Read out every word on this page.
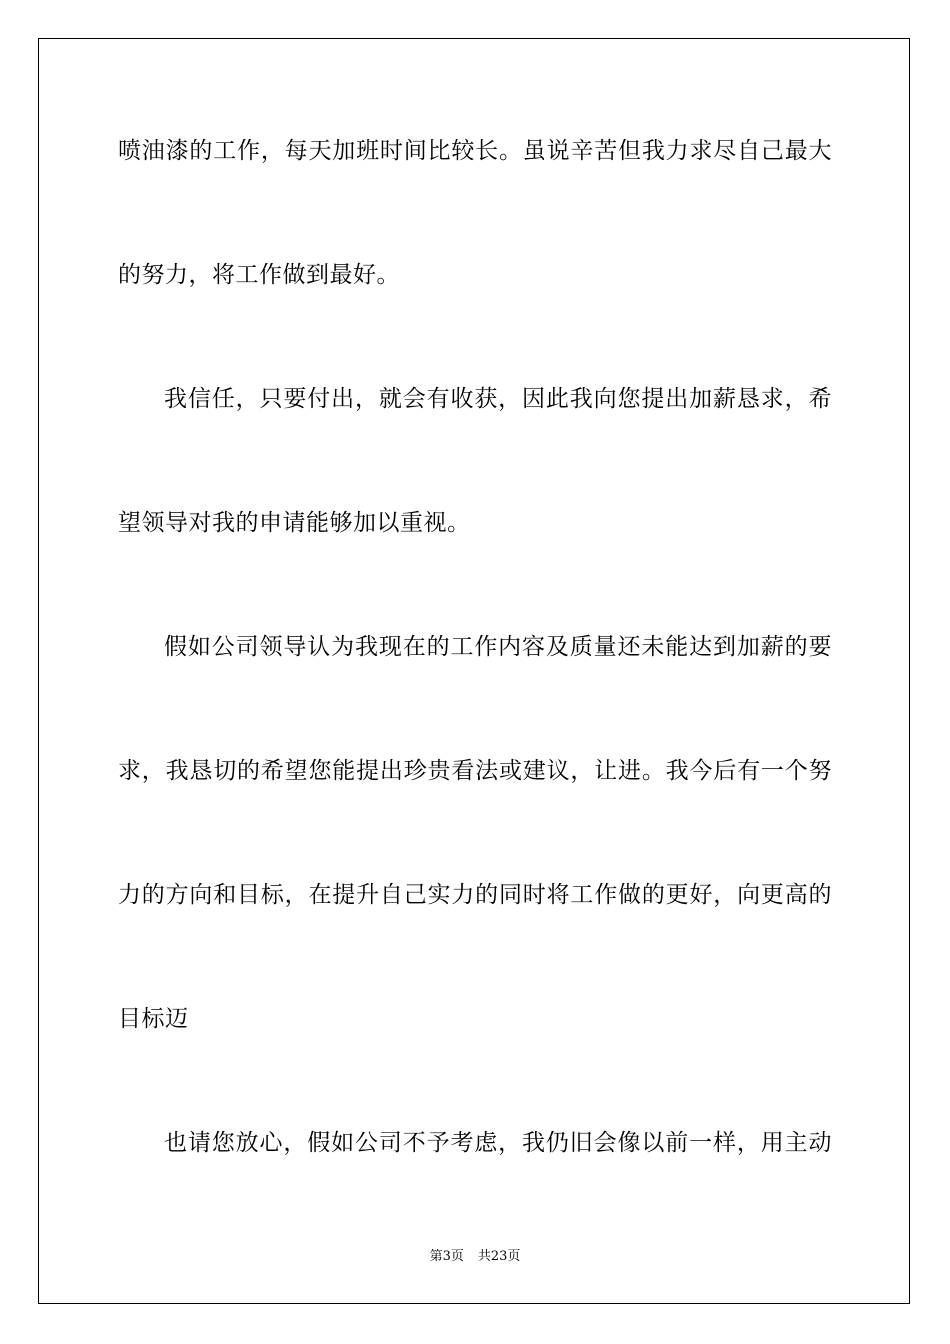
喷油漆的工作，每天加班时间比较长。虽说辛苦但我力求尽自己最大
的努力，将工作做到最好。
我信任，只要付出，就会有收获，因此我向您提出加薪恳求，希
望领导对我的申请能够加以重视。
假如公司领导认为我现在的工作内容及质量还未能达到加薪的要
求，我恳切的希望您能提出珍贵看法或建议，让进。我今后有一个努
力的方向和目标，在提升自己实力的同时将工作做的更好，向更高的
目标迈
也请您放心，假如公司不予考虑，我仍旧会像以前一样，用主动
第3页 共23页
